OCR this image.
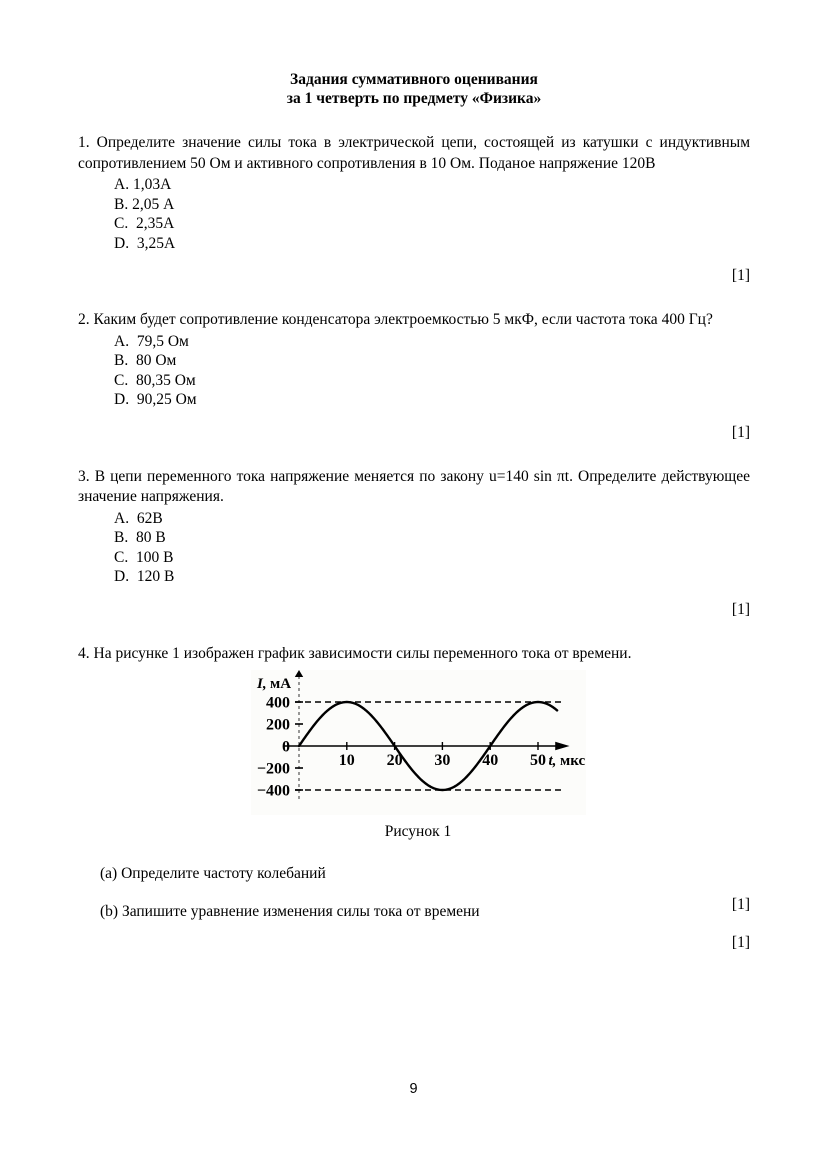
Задания суммативного оценивания
за 1 четверть по предмету «Физика»
1. Определите значение силы тока в электрической цепи, состоящей из катушки с индуктивным сопротивлением 50 Ом и активного сопротивления в 10 Ом. Поданое напряжение 120В
A. 1,03А
B. 2,05 А
C.  2,35А
D.  3,25А
[1]
2. Каким будет сопротивление конденсатора электроемкостью 5 мкФ, если частота тока 400 Гц?
A.  79,5 Ом
B.  80 Ом
C.  80,35 Ом
D.  90,25 Ом
[1]
3. В цепи переменного тока напряжение меняется по закону u=140 sin πt. Определите действующее значение напряжения.
A.  62В
B.  80 В
C.  100 В
D.  120 В
[1]
4. На рисунке 1 изображен график зависимости силы переменного тока от времени.
−400
−200
0
200
400
10 20 30 40 50
I, мА
t, мкс
Рисунок 1
(a) Определите частоту колебаний
[1]
(b) Запишите уравнение изменения силы тока от времени
[1]
9
